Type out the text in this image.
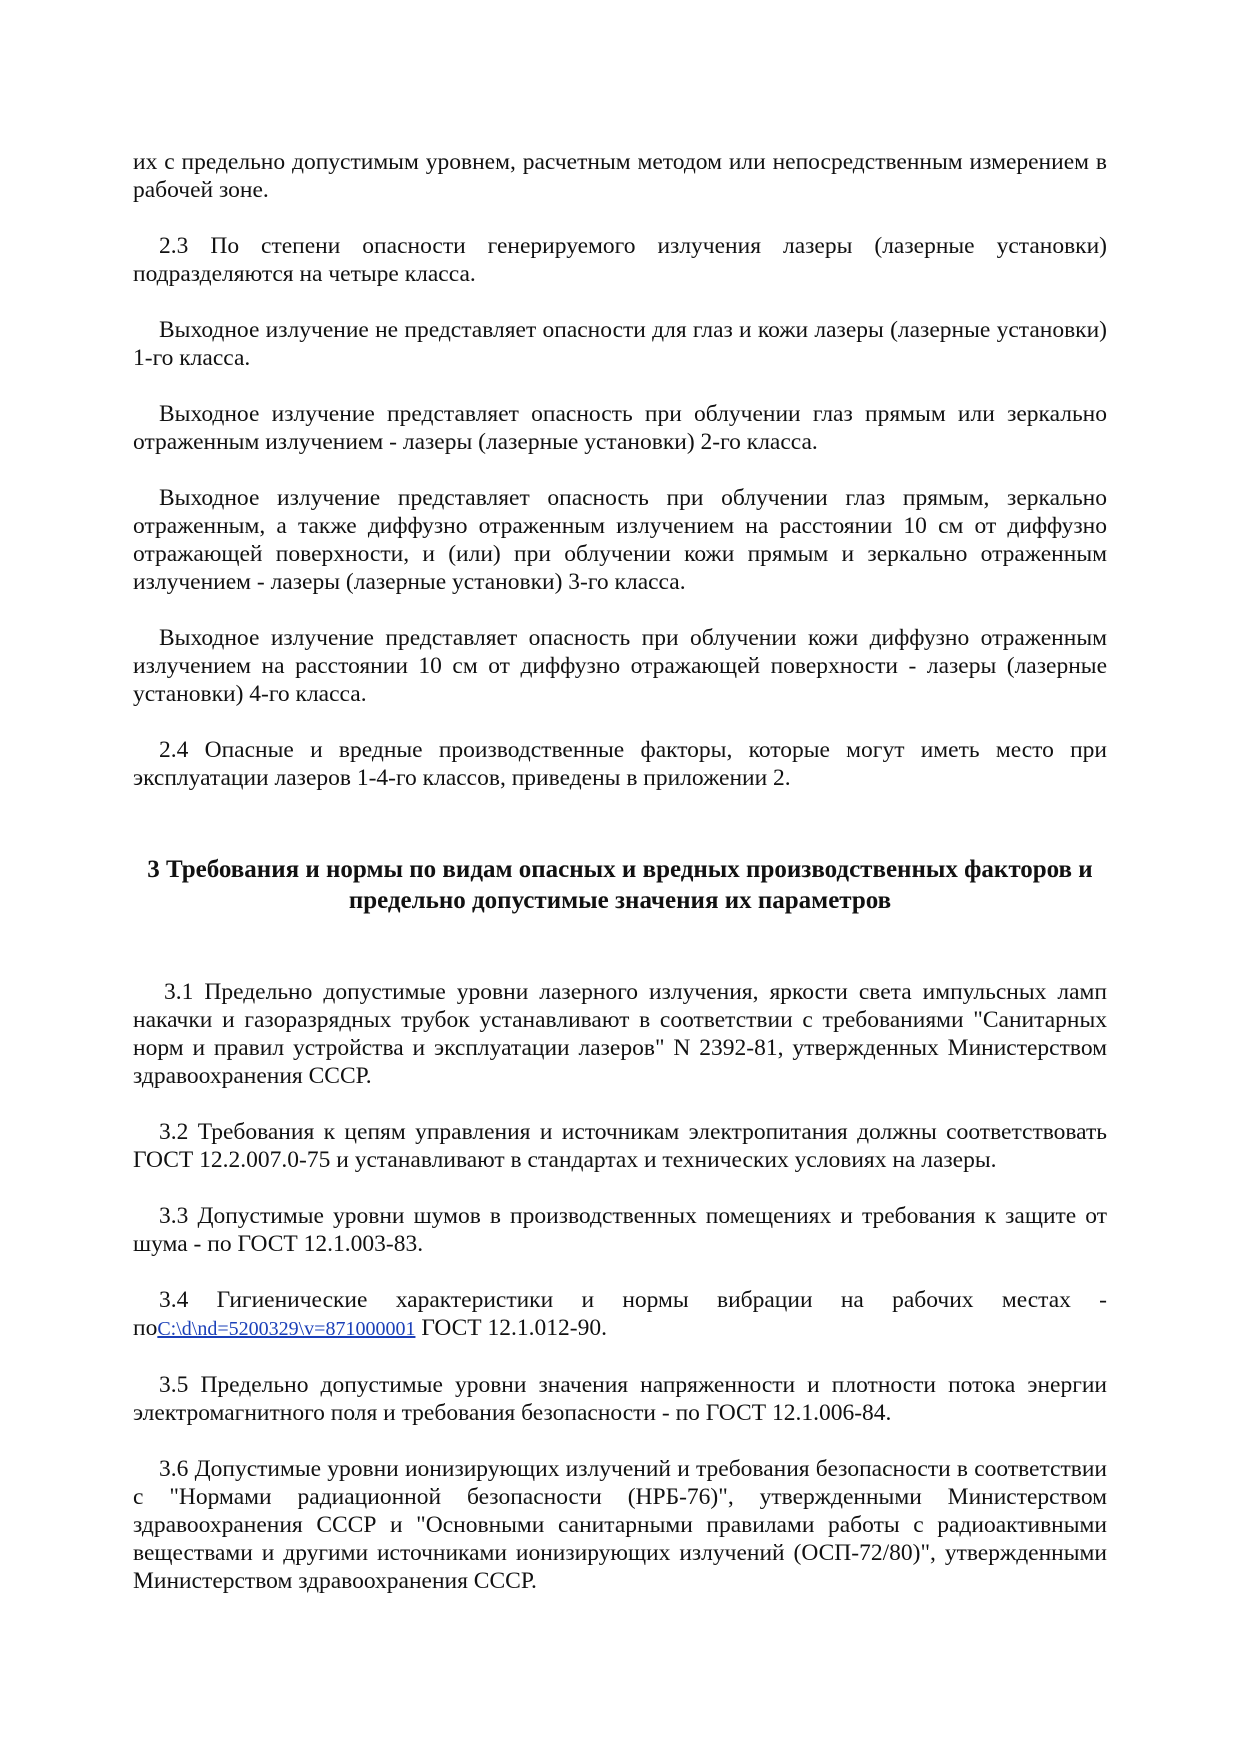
их с предельно допустимым уровнем, расчетным методом или непосредственным измерением в рабочей зоне.

2.3 По степени опасности генерируемого излучения лазеры (лазерные установки) подразделяются на четыре класса.

Выходное излучение не представляет опасности для глаз и кожи лазеры (лазерные установки) 1-го класса.

Выходное излучение представляет опасность при облучении глаз прямым или зеркально отраженным излучением - лазеры (лазерные установки) 2-го класса.

Выходное излучение представляет опасность при облучении глаз прямым, зеркально отраженным, а также диффузно отраженным излучением на расстоянии 10 см от диффузно отражающей поверхности, и (или) при облучении кожи прямым и зеркально отраженным излучением - лазеры (лазерные установки) 3-го класса.

Выходное излучение представляет опасность при облучении кожи диффузно отраженным излучением на расстоянии 10 см от диффузно отражающей поверхности - лазеры (лазерные установки) 4-го класса.

2.4 Опасные и вредные производственные факторы, которые могут иметь место при эксплуатации лазеров 1-4-го классов, приведены в приложении 2.

3 Требования и нормы по видам опасных и вредных производственных факторов и предельно допустимые значения их параметров

3.1 Предельно допустимые уровни лазерного излучения, яркости света импульсных ламп накачки и газоразрядных трубок устанавливают в соответствии с требованиями "Санитарных норм и правил устройства и эксплуатации лазеров" N 2392-81, утвержденных Министерством здравоохранения СССР.

3.2 Требования к цепям управления и источникам электропитания должны соответствовать ГОСТ 12.2.007.0-75 и устанавливают в стандартах и технических условиях на лазеры.

3.3 Допустимые уровни шумов в производственных помещениях и требования к защите от шума - по ГОСТ 12.1.003-83.

3.4 Гигиенические характеристики и нормы вибрации на рабочих местах - поC:\d\nd=5200329\v=871000001 ГОСТ 12.1.012-90.

3.5 Предельно допустимые уровни значения напряженности и плотности потока энергии электромагнитного поля и требования безопасности - по ГОСТ 12.1.006-84.

3.6 Допустимые уровни ионизирующих излучений и требования безопасности в соответствии с "Нормами радиационной безопасности (НРБ-76)", утвержденными Министерством здравоохранения СССР и "Основными санитарными правилами работы с радиоактивными веществами и другими источниками ионизирующих излучений (ОСП-72/80)", утвержденными Министерством здравоохранения СССР.
